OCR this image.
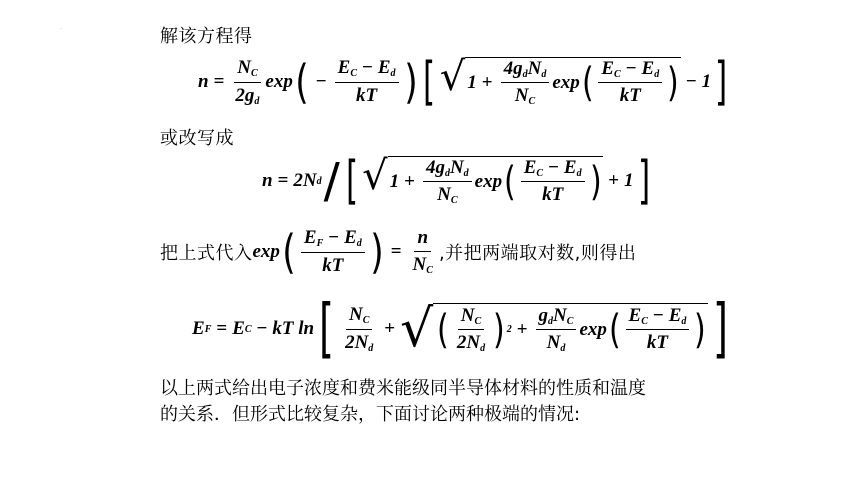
·	解该方程得
$n = \frac{N_C}{2g_d}$ exp ( − $\frac{E_C - E_d}{kT}$ ) [ √ $1 + \frac{4g_dN_d}{N_C}$ exp ( $\frac{E_C - E_d}{kT}$ ) − 1 ]
或改写成
n = 2 N d / [ √ $1 + \frac{4g_dN_d}{N_C}$ exp ( $\frac{E_C - E_d}{kT}$ ) + 1 ]
把上式代入 exp ( $\frac{E_F - E_d}{kT}$ ) = $\frac{n}{N_C}$ ,并把两端取对数,则得出
E F = E C − k T
ln [ $\frac{N_C}{2N_d}$ + √ ( $\frac{N_C}{2N_d}$ ) $2 + \frac{g_dN_C}{N_d}$ exp ( $\frac{E_C - E_d}{kT}$ ) ]
以上两式给出电子浓度和费米能级同半导体材料的性质和温度
的关系．但形式比较复杂，下面讨论两种极端的情况:
